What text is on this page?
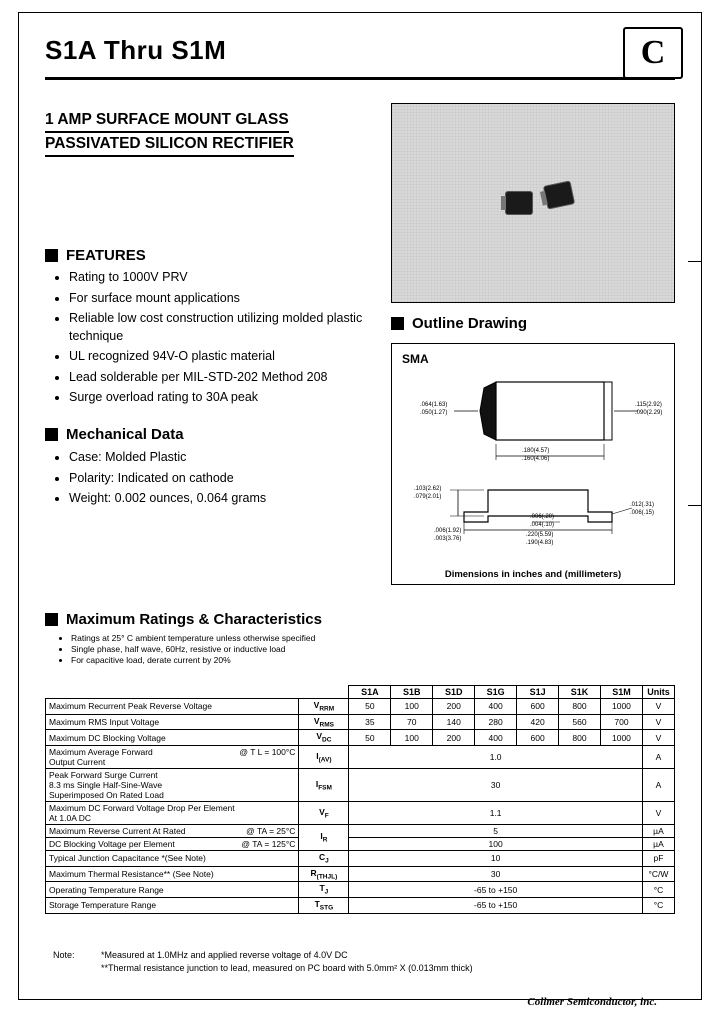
S1A Thru S1M	C
1 AMP SURFACE MOUNT GLASS
PASSIVATED SILICON RECTIFIER
FEATURES
• Rating to 1000V PRV
• For surface mount applications
• Reliable low cost construction utilizing molded plastic technique
• UL recognized 94V-O plastic material
• Lead solderable per MIL-STD-202 Method 208
• Surge overload rating to 30A peak
Mechanical Data
• Case: Molded Plastic
• Polarity: Indicated on cathode
• Weight: 0.002 ounces, 0.064 grams
Outline Drawing
SMA
.064(1.63)
.050(1.27)
.115(2.92)
.090(2.29)
.180(4.57)
.160(4.06)
.103(2.62)
.079(2.01)
.006(1.92)
.003(3.76)
.006(.20)
.004(.10)
.220(5.59)
.190(4.83)
.012(.31)
.006(.15)
Dimensions in inches and (millimeters)
Maximum Ratings & Characteristics
• Ratings at 25° C ambient temperature unless otherwise specified
• Single phase, half wave, 60Hz, resistive or inductive load
• For capacitive load, derate current by 20%
		S1A	S1B	S1D	S1G	S1J	S1K	S1M	Units
Maximum Recurrent Peak Reverse Voltage	$V_{RRM}$	50	100	200	400	600	800	1000	V
Maximum RMS Input Voltage	$V_{RMS}$	35	70	140	280	420	560	700	V
Maximum DC Blocking Voltage	$V_{DC}$	50	100	200	400	600	800	1000	V

Maximum Average Forward @ T L = 100°C
Output Current	$I_{(AV)}$	1.0							A

Peak Forward Surge Current
8.3 ms Single Half-Sine-Wave
Superimposed On Rated Load	$I_{FSM}$	30							A

Maximum DC Forward Voltage Drop Per Element
At 1.0A DC	$V_F$	1.1							V

Maximum Reverse Current At Rated @ TA = 25°C	$I_R$	5							µA

DC Blocking Voltage per Element @ TA = 125°C		100							µA
Typical Junction Capacitance *(See Note)	$C_J$	10							pF
Maximum Thermal Resistance** (See Note)	$R_{(THJL)}$	30							°C/W
Operating Temperature Range	$T_J$	-65 to +150							°C
Storage Temperature Range	$T_{STG}$	-65 to +150							°C
Note:	*Measured at 1.0MHz and applied reverse voltage of 4.0V DC
**Thermal resistance junction to lead, measured on PC board with 5.0mm² X (0.013mm thick)
Collmer Semiconductor, inc.
